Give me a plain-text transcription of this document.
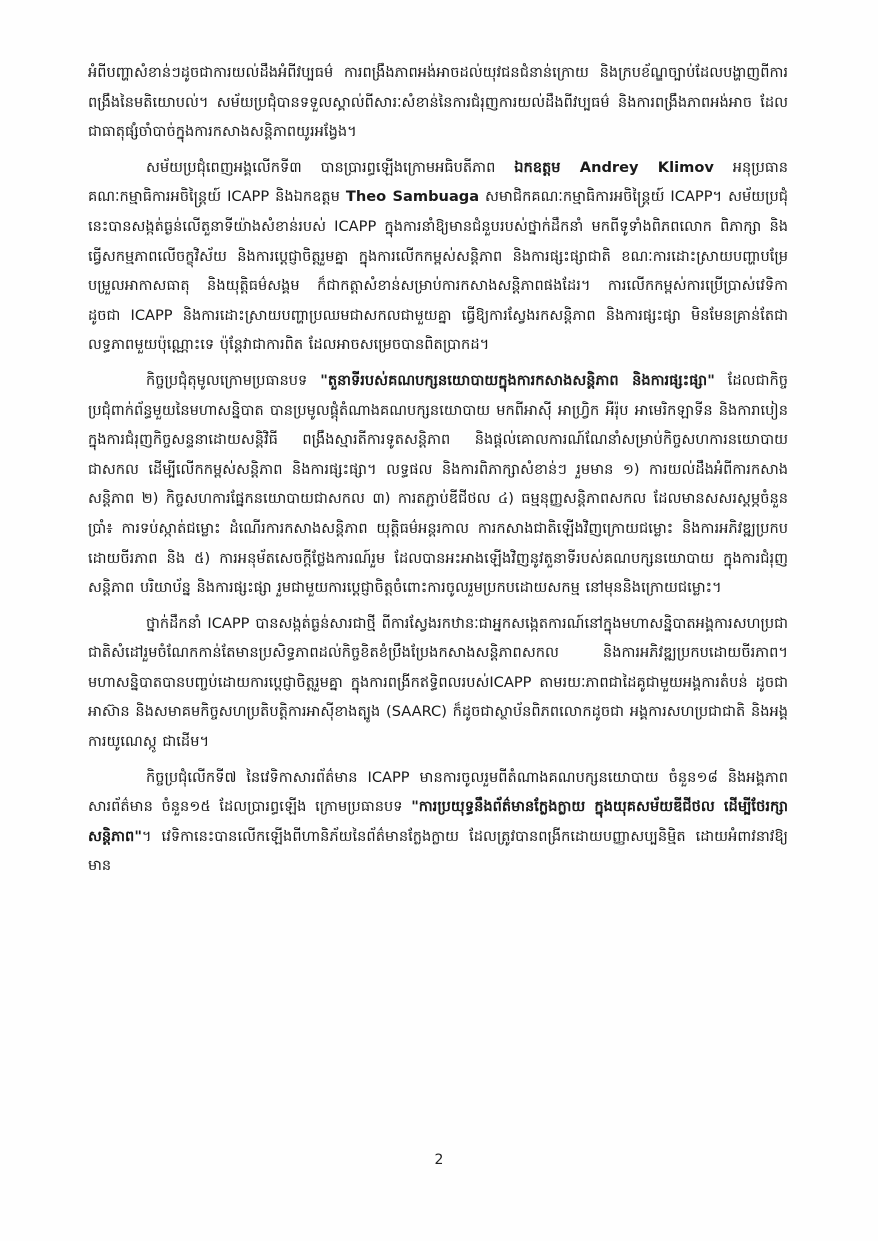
អំពីបញ្ហាសំខាន់ៗដូចជាការយល់ដឹងអំពីវប្បធម៌ ការពង្រឹងភាពអង់អាចដល់យុវជនជំនាន់ក្រោយ និងក្របខ័ណ្ឌច្បាប់ដែលបង្ហាញពីការពង្រឹងនៃមតិយោបល់។ សម័យប្រជុំបានទទួលស្គាល់ពីសារៈសំខាន់នៃការជំរុញការយល់ដឹងពីវប្បធម៌ និងការពង្រឹងភាពអង់អាច ដែលជាធាតុផ្សំចាំបាច់ក្នុងការកសាងសន្តិភាពយូរអង្វែង។

សម័យប្រជុំពេញអង្គលើកទី៣ បានប្រារព្ធឡើងក្រោមអធិបតីភាព ឯកឧត្តម Andrey Klimov អនុប្រធានគណៈកម្មាធិការអចិន្ត្រៃយ៍ ICAPP និងឯកឧត្តម Theo Sambuaga សមាជិកគណៈកម្មាធិការអចិន្ត្រៃយ៍ ICAPP។ សម័យប្រជុំនេះបានសង្កត់ធ្ងន់លើតួនាទីយ៉ាងសំខាន់របស់ ICAPP ក្នុងការនាំឱ្យមានជំនួបរបស់ថ្នាក់ដឹកនាំ មកពីទូទាំងពិភពលោក ពិភាក្សា និងធ្វើសកម្មភាពលើចក្ខុវិស័យ និងការប្តេជ្ញាចិត្តរួមគ្នា ក្នុងការលើកកម្ពស់សន្តិភាព និងការផ្សះផ្សាជាតិ ខណៈការដោះស្រាយបញ្ហាបម្រែបម្រួលអាកាសធាតុ និងយុត្តិធម៌សង្គម ក៏ជាកត្តាសំខាន់សម្រាប់ការកសាងសន្តិភាពផងដែរ។ ការលើកកម្ពស់ការប្រើប្រាស់វេទិកា ដូចជា ICAPP និងការដោះស្រាយបញ្ហាប្រឈមជាសកលជាមួយគ្នា ធ្វើឱ្យការស្វែងរកសន្តិភាព និងការផ្សះផ្សា មិនមែនគ្រាន់តែជាលទ្ធភាពមួយប៉ុណ្ណោះទេ ប៉ុន្តែវាជាការពិត ដែលអាចសម្រេចបានពិតប្រាកដ។

កិច្ចប្រជុំតុមូលក្រោមប្រធានបទ "តួនាទីរបស់គណបក្សនយោបាយក្នុងការកសាងសន្តិភាព និងការផ្សះផ្សា" ដែលជាកិច្ចប្រជុំពាក់ព័ន្ធមួយនៃមហាសន្និបាត បានប្រមូលផ្តុំតំណាងគណបក្សនយោបាយ មកពីអាស៊ី អាហ្វ្រិក អឺរ៉ុប អាមេរិកឡាទីន និងការាបៀន ក្នុងការជំរុញកិច្ចសន្ទនាដោយសន្តិវិធី ពង្រឹងស្មារតីការទូតសន្តិភាព និងផ្តល់គោលការណ៍ណែនាំសម្រាប់កិច្ចសហការនយោបាយជាសកល ដើម្បីលើកកម្ពស់សន្តិភាព និងការផ្សះផ្សា។ លទ្ធផល និងការពិភាក្សាសំខាន់ៗ រួមមាន ១) ការយល់ដឹងអំពីការកសាងសន្តិភាព ២) កិច្ចសហការផ្នែកនយោបាយជាសកល ៣) ការតភ្ជាប់ឌីជីថល ៤) ធម្មនុញ្ញសន្តិភាពសកល ដែលមានសសរស្តម្ភចំនួនប្រាំ៖ ការទប់ស្កាត់ជម្លោះ ដំណើរការកសាងសន្តិភាព យុត្តិធម៌អន្តរកាល ការកសាងជាតិឡើងវិញក្រោយជម្លោះ និងការអភិវឌ្ឍប្រកបដោយចីរភាព និង ៥) ការអនុម័តសេចក្តីថ្លែងការណ៍រួម ដែលបានអះអាងឡើងវិញនូវតួនាទីរបស់គណបក្សនយោបាយ ក្នុងការជំរុញសន្តិភាព បរិយាប័ន្ន និងការផ្សះផ្សា រួមជាមួយការប្តេជ្ញាចិត្តចំពោះការចូលរួមប្រកបដោយសកម្ម នៅមុននិងក្រោយជម្លោះ។

ថ្នាក់ដឹកនាំ ICAPP បានសង្កត់ធ្ងន់សារជាថ្មី ពីការស្វែងរកឋានៈជាអ្នកសង្កេតការណ៍នៅក្នុងមហាសន្និបាតអង្គការសហប្រជាជាតិសំដៅរួមចំណែកកាន់តែមានប្រសិទ្ធភាពដល់កិច្ចខិតខំប្រឹងប្រែងកសាងសន្តិភាពសកល និងការអភិវឌ្ឍប្រកបដោយចីរភាព។ មហាសន្និបាតបានបញ្ចប់ដោយការប្តេជ្ញាចិត្តរួមគ្នា ក្នុងការពង្រីកឥទ្ធិពលរបស់ICAPP តាមរយៈភាពជាដៃគូជាមួយអង្គការតំបន់ ដូចជាអាស៊ាន និងសមាគមកិច្ចសហប្រតិបត្តិការអាស៊ីខាងត្បូង (SAARC) ក៏ដូចជាស្ថាប័នពិភពលោកដូចជា អង្គការសហប្រជាជាតិ និងអង្គការយូណេស្កូ ជាដើម។

កិច្ចប្រជុំលើកទី៧ នៃវេទិកាសារព័ត៌មាន ICAPP មានការចូលរួមពីតំណាងគណបក្សនយោបាយ ចំនួន១៨ និងអង្គភាពសារព័ត៌មាន ចំនួន១៥ ដែលប្រារព្ធឡើង ក្រោមប្រធានបទ "ការប្រយុទ្ធនឹងព័ត៌មានក្លែងក្លាយ ក្នុងយុគសម័យឌីជីថល ដើម្បីថែរក្សាសន្តិភាព"។ វេទិកានេះបានលើកឡើងពីហានិភ័យនៃព័ត៌មានក្លែងក្លាយ ដែលត្រូវបានពង្រីកដោយបញ្ញាសប្បនិម្មិត ដោយអំពាវនាវឱ្យមាន

2
